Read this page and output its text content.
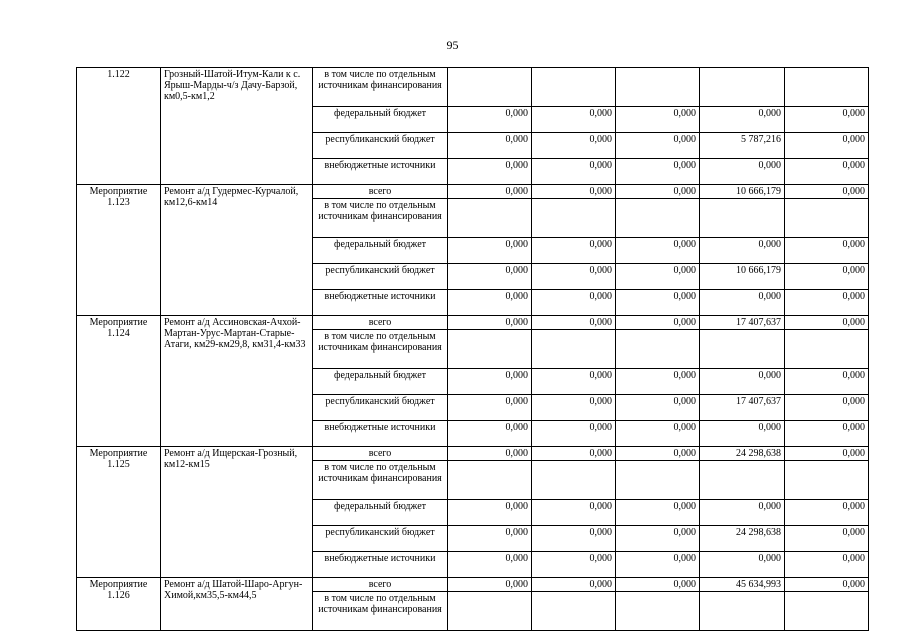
95
1.122	Грозный-Шатой-Итум-Кали к с. Ярыш-Марды-ч/з Дачу-Барзой, км0,5-км1,2	в том числе по отдельным источникам финансирования					
		федеральный бюджет	0,000	0,000	0,000	0,000	0,000
		республиканский бюджет	0,000	0,000	0,000	5 787,216	0,000
		внебюджетные источники	0,000	0,000	0,000	0,000	0,000
Мероприятие 1.123	Ремонт а/д Гудермес-Курчалой, км12,6-км14	всего	0,000	0,000	0,000	10 666,179	0,000
		в том числе по отдельным источникам финансирования					
		федеральный бюджет	0,000	0,000	0,000	0,000	0,000
		республиканский бюджет	0,000	0,000	0,000	10 666,179	0,000
		внебюджетные источники	0,000	0,000	0,000	0,000	0,000
Мероприятие 1.124	Ремонт а/д Ассиновская-Ачхой-Мартан-Урус-Мартан-Старые-Атаги, км29-км29,8, км31,4-км33	всего	0,000	0,000	0,000	17 407,637	0,000
		в том числе по отдельным источникам финансирования					
		федеральный бюджет	0,000	0,000	0,000	0,000	0,000
		республиканский бюджет	0,000	0,000	0,000	17 407,637	0,000
		внебюджетные источники	0,000	0,000	0,000	0,000	0,000
Мероприятие 1.125	Ремонт а/д Ищерская-Грозный, км12-км15	всего	0,000	0,000	0,000	24 298,638	0,000
		в том числе по отдельным источникам финансирования					
		федеральный бюджет	0,000	0,000	0,000	0,000	0,000
		республиканский бюджет	0,000	0,000	0,000	24 298,638	0,000
		внебюджетные источники	0,000	0,000	0,000	0,000	0,000
Мероприятие 1.126	Ремонт а/д Шатой-Шаро-Аргун-Химой,км35,5-км44,5	всего	0,000	0,000	0,000	45 634,993	0,000
		в том числе по отдельным источникам финансирования					
